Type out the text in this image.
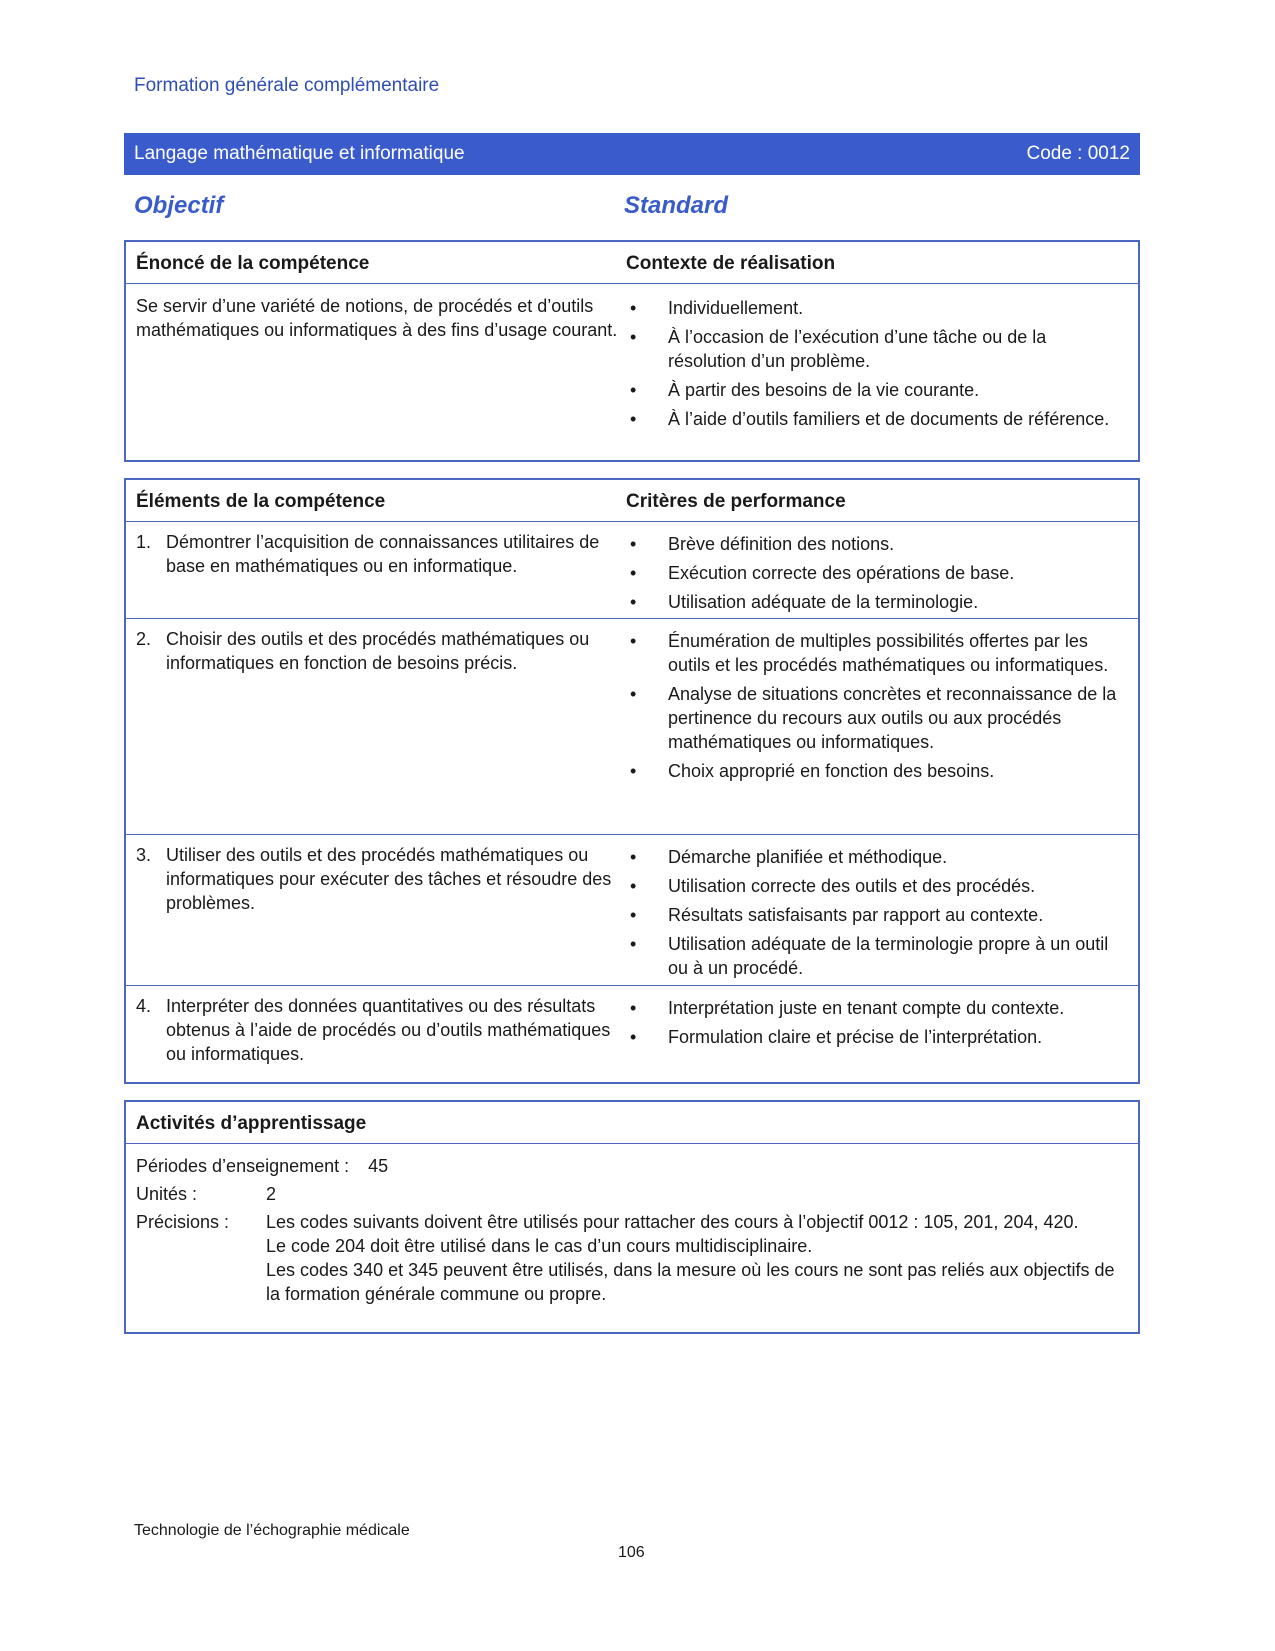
Formation générale complémentaire
Langage mathématique et informatique	Code : 0012
Objectif	Standard
Énoncé de la compétence	Contexte de réalisation
Se servir d’une variété de notions, de procédés et d’outils mathématiques ou informatiques à des fins d’usage courant.
• Individuellement.
• À l’occasion de l’exécution d’une tâche ou de la résolution d’un problème.
• À partir des besoins de la vie courante.
• À l’aide d’outils familiers et de documents de référence.
Éléments de la compétence	Critères de performance
1. Démontrer l’acquisition de connaissances utilitaires de base en mathématiques ou en informatique.
• Brève définition des notions.
• Exécution correcte des opérations de base.
• Utilisation adéquate de la terminologie.
2. Choisir des outils et des procédés mathématiques ou informatiques en fonction de besoins précis.
• Énumération de multiples possibilités offertes par les outils et les procédés mathématiques ou informatiques.
• Analyse de situations concrètes et reconnaissance de la pertinence du recours aux outils ou aux procédés mathématiques ou informatiques.
• Choix approprié en fonction des besoins.
3. Utiliser des outils et des procédés mathématiques ou informatiques pour exécuter des tâches et résoudre des problèmes.
• Démarche planifiée et méthodique.
• Utilisation correcte des outils et des procédés.
• Résultats satisfaisants par rapport au contexte.
• Utilisation adéquate de la terminologie propre à un outil ou à un procédé.
4. Interpréter des données quantitatives ou des résultats obtenus à l’aide de procédés ou d’outils mathématiques ou informatiques.
• Interprétation juste en tenant compte du contexte.
• Formulation claire et précise de l’interprétation.
Activités d’apprentissage
Périodes d’enseignement : 45
Unités :	2
Précisions : Les codes suivants doivent être utilisés pour rattacher des cours à l’objectif 0012 : 105, 201, 204, 420.
Le code 204 doit être utilisé dans le cas d’un cours multidisciplinaire.
Les codes 340 et 345 peuvent être utilisés, dans la mesure où les cours ne sont pas reliés aux objectifs de la formation générale commune ou propre.
Technologie de l’échographie médicale
106
